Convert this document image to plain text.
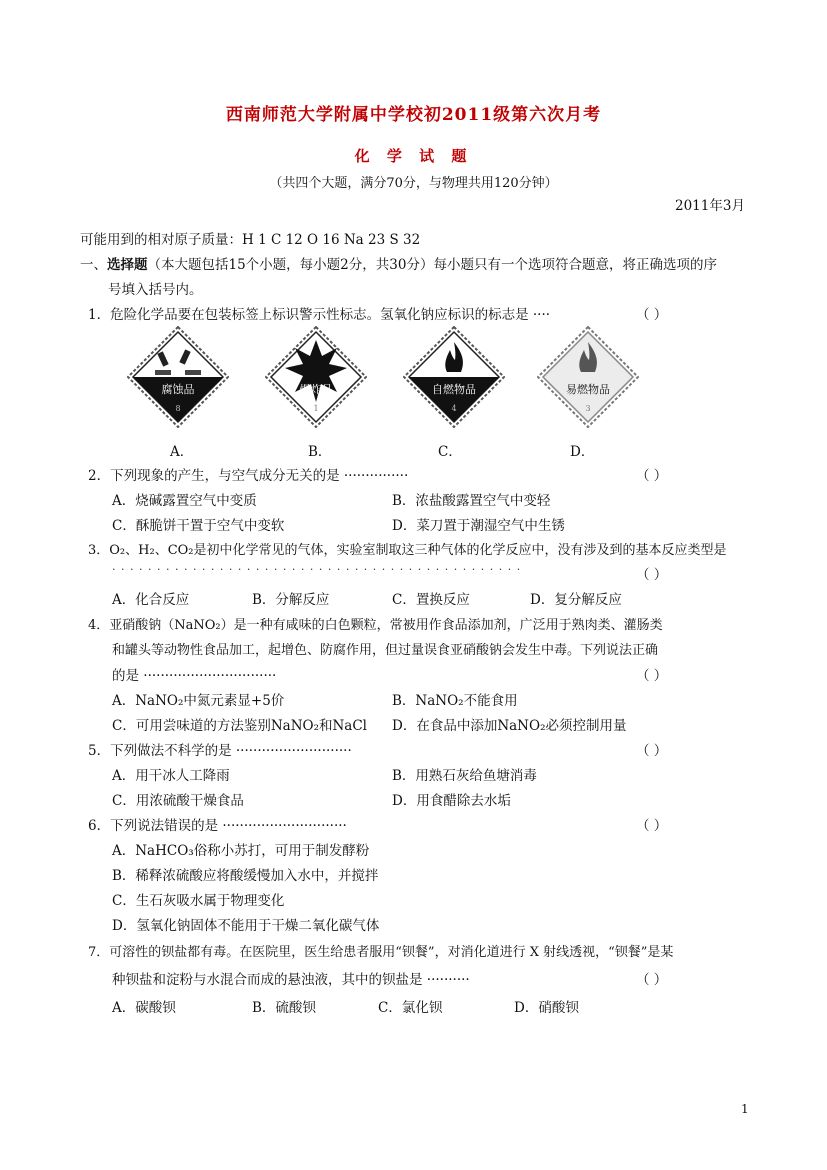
西南师范大学附属中学校初2011级第六次月考
化 学 试 题
（共四个大题，满分70分，与物理共用120分钟）
2011年3月
可能用到的相对原子质量：H 1 C 12 O 16 Na 23 S 32
一、选择题（本大题包括15个小题，每小题2分，共30分）每小题只有一个选项符合题意，将正确选项的序
号填入括号内。
1．危险化学品要在包装标签上标识警示性标志。氢氧化钠应标识的标志是 ····	（ ）
腐蚀品
8
爆炸品
1
自燃物品
4
易燃物品
3
A．	B．	C．	D．
2．下列现象的产生，与空气成分无关的是 ···············	（ ）
A．烧碱露置空气中变质	B．浓盐酸露置空气中变轻
C．酥脆饼干置于空气中变软	D．菜刀置于潮湿空气中生锈
3．O₂、H₂、CO₂是初中化学常见的气体，实验室制取这三种气体的化学反应中，没有涉及到的基本反应类型是
· · · · · · · · · · · · · · · · · · · · · · · · · · · · · · · · · · · · · · · · · · · · · ·	（ ）
A．化合反应	B．分解反应	C．置换反应	D．复分解反应
4．亚硝酸钠（NaNO₂）是一种有咸味的白色颗粒，常被用作食品添加剂，广泛用于熟肉类、灌肠类
和罐头等动物性食品加工，起增色、防腐作用，但过量误食亚硝酸钠会发生中毒。下列说法正确
的是 ·······························	（ ）
A．NaNO₂中氮元素显+5价	B．NaNO₂不能食用
C．可用尝味道的方法鉴别NaNO₂和NaCl D．在食品中添加NaNO₂必须控制用量
5．下列做法不科学的是 ···························	（ ）
A．用干冰人工降雨	B．用熟石灰给鱼塘消毒
C．用浓硫酸干燥食品	D．用食醋除去水垢
6．下列说法错误的是 ·····························	（ ）
A．NaHCO₃俗称小苏打，可用于制发酵粉
B．稀释浓硫酸应将酸缓慢加入水中，并搅拌
C．生石灰吸水属于物理变化
D．氢氧化钠固体不能用于干燥二氧化碳气体
7．可溶性的钡盐都有毒。在医院里，医生给患者服用“钡餐”，对消化道进行 X 射线透视，“钡餐”是某
种钡盐和淀粉与水混合而成的悬浊液，其中的钡盐是 ··········	（ ）
A．碳酸钡	B．硫酸钡	C．氯化钡	D．硝酸钡
1
